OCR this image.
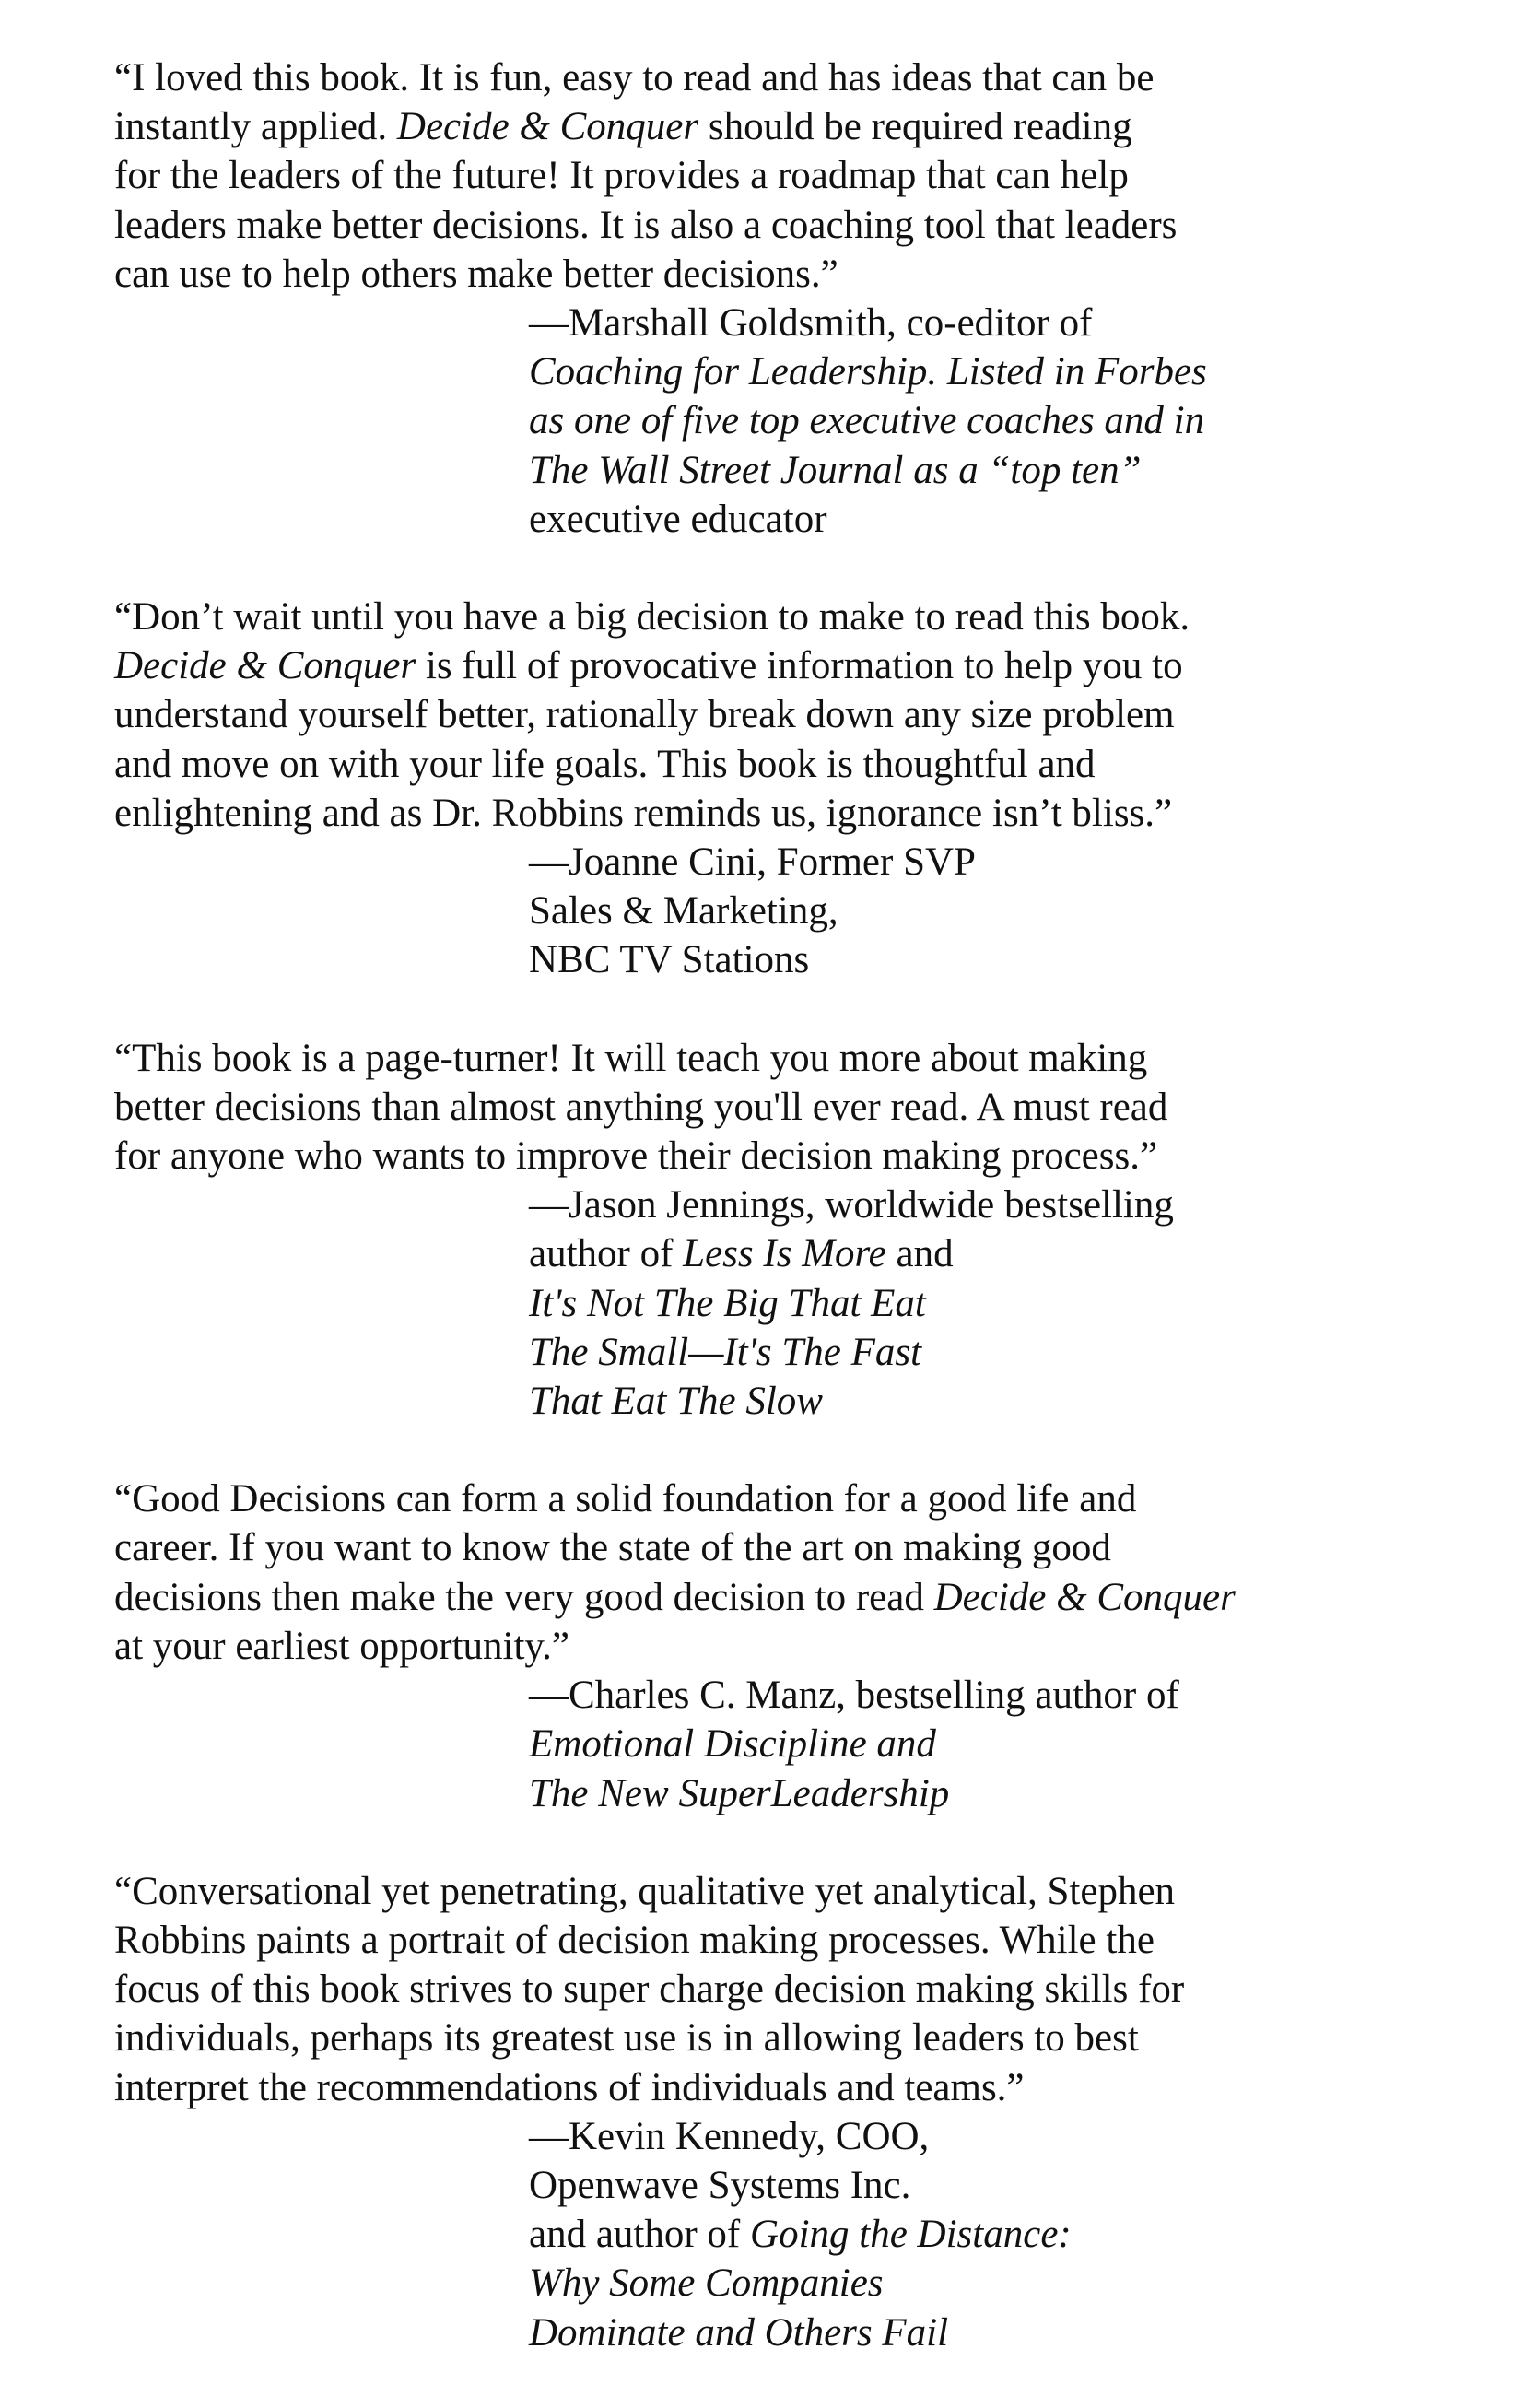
“I loved this book. It is fun, easy to read and has ideas that can be
instantly applied. Decide & Conquer should be required reading
for the leaders of the future! It provides a roadmap that can help
leaders make better decisions. It is also a coaching tool that leaders
can use to help others make better decisions.”
—Marshall Goldsmith, co-editor of
Coaching for Leadership. Listed in Forbes
as one of five top executive coaches and in
The Wall Street Journal as a “top ten”
executive educator
“Don’t wait until you have a big decision to make to read this book.
Decide & Conquer is full of provocative information to help you to
understand yourself better, rationally break down any size problem
and move on with your life goals. This book is thoughtful and
enlightening and as Dr. Robbins reminds us, ignorance isn’t bliss.”
—Joanne Cini, Former SVP
Sales & Marketing,
NBC TV Stations
“This book is a page-turner! It will teach you more about making
better decisions than almost anything you'll ever read. A must read
for anyone who wants to improve their decision making process.”
—Jason Jennings, worldwide bestselling
author of Less Is More and
It's Not The Big That Eat
The Small—It's The Fast
That Eat The Slow
“Good Decisions can form a solid foundation for a good life and
career. If you want to know the state of the art on making good
decisions then make the very good decision to read Decide & Conquer
at your earliest opportunity.”
—Charles C. Manz, bestselling author of
Emotional Discipline and
The New SuperLeadership
“Conversational yet penetrating, qualitative yet analytical, Stephen
Robbins paints a portrait of decision making processes. While the
focus of this book strives to super charge decision making skills for
individuals, perhaps its greatest use is in allowing leaders to best
interpret the recommendations of individuals and teams.”
—Kevin Kennedy, COO,
Openwave Systems Inc.
and author of Going the Distance:
Why Some Companies
Dominate and Others Fail
